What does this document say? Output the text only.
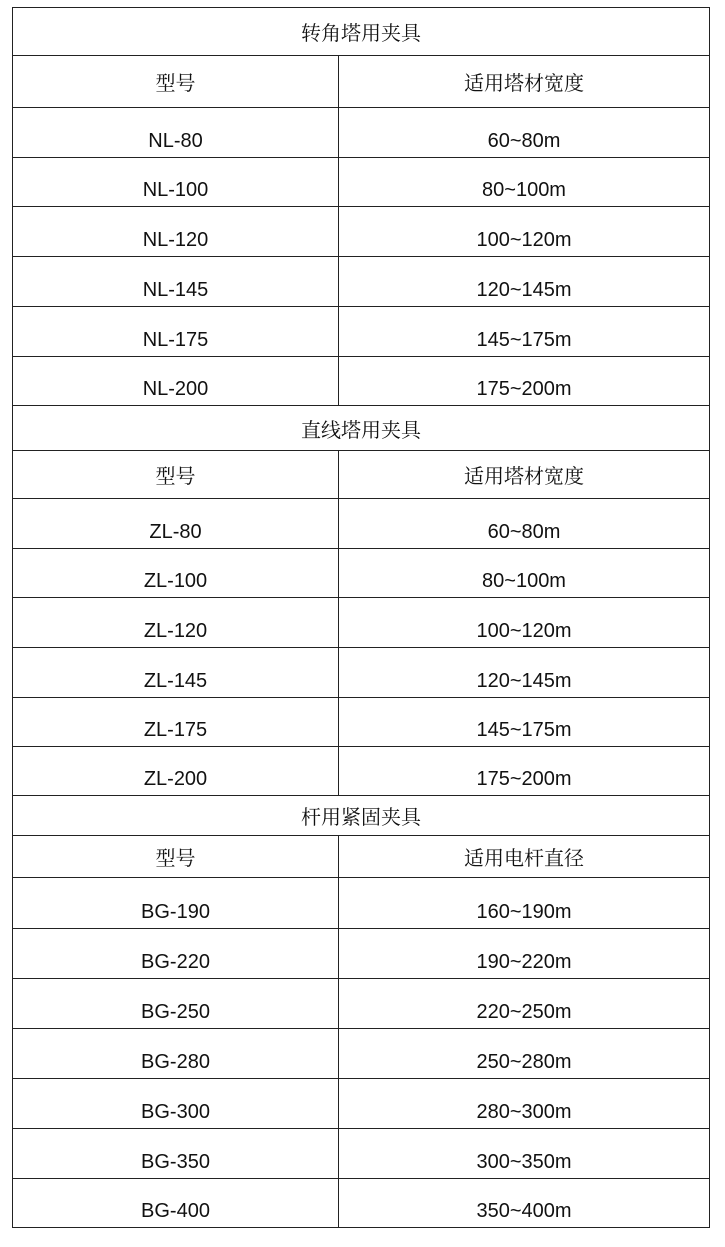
转角塔用夹具	
型号	适用塔材宽度
NL-80	60~80m
NL-100	80~100m
NL-120	100~120m
NL-145	120~145m
NL-175	145~175m
NL-200	175~200m
直线塔用夹具	
型号	适用塔材宽度
ZL-80	60~80m
ZL-100	80~100m
ZL-120	100~120m
ZL-145	120~145m
ZL-175	145~175m
ZL-200	175~200m
杆用紧固夹具	
型号	适用电杆直径
BG-190	160~190m
BG-220	190~220m
BG-250	220~250m
BG-280	250~280m
BG-300	280~300m
BG-350	300~350m
BG-400	350~400m
